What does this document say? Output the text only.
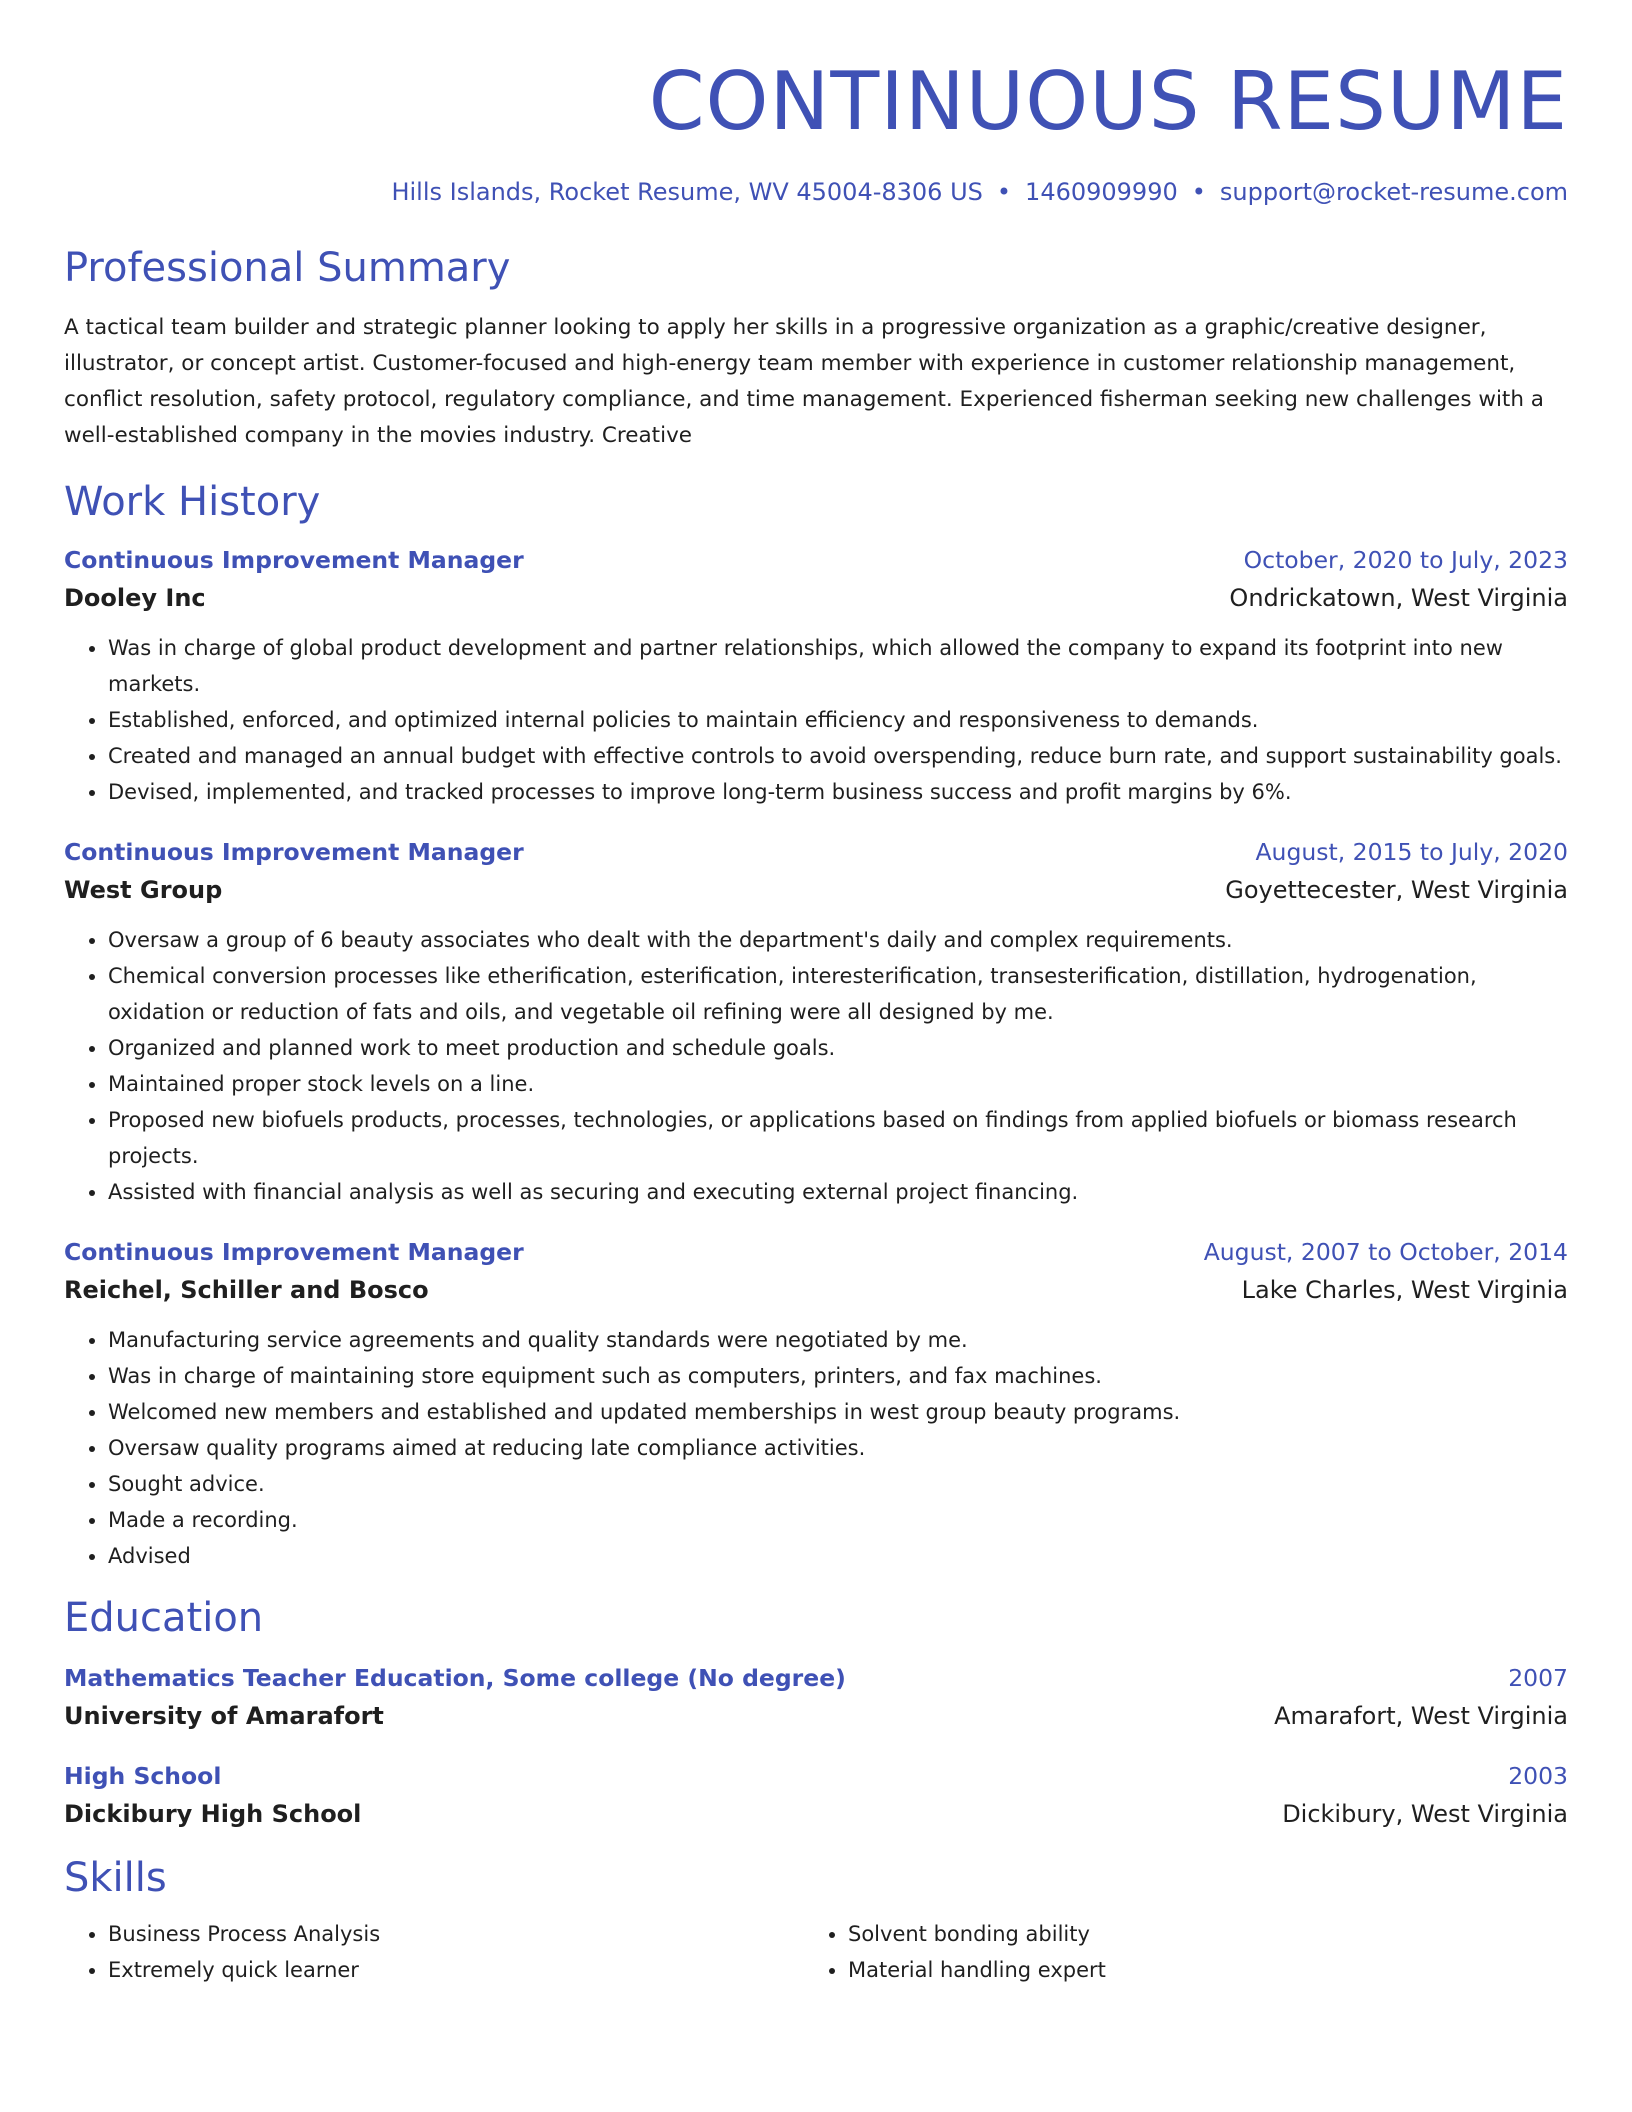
CONTINUOUS RESUME
Hills Islands, Rocket Resume, WV 45004-8306 US • 1460909990 • support@rocket-resume.com
Professional Summary
A tactical team builder and strategic planner looking to apply her skills in a progressive organization as a graphic/creative designer, illustrator, or concept artist. Customer-focused and high-energy team member with experience in customer relationship management, conflict resolution, safety protocol, regulatory compliance, and time management. Experienced fisherman seeking new challenges with a well-established company in the movies industry. Creative
Work History
Continuous Improvement Manager	October, 2020 to July, 2023
Dooley Inc	Ondrickatown, West Virginia
• Was in charge of global product development and partner relationships, which allowed the company to expand its footprint into new markets.
• Established, enforced, and optimized internal policies to maintain efficiency and responsiveness to demands.
• Created and managed an annual budget with effective controls to avoid overspending, reduce burn rate, and support sustainability goals.
• Devised, implemented, and tracked processes to improve long-term business success and profit margins by 6%.
Continuous Improvement Manager	August, 2015 to July, 2020
West Group	Goyettecester, West Virginia
• Oversaw a group of 6 beauty associates who dealt with the department's daily and complex requirements.
• Chemical conversion processes like etherification, esterification, interesterification, transesterification, distillation, hydrogenation, oxidation or reduction of fats and oils, and vegetable oil refining were all designed by me.
• Organized and planned work to meet production and schedule goals.
• Maintained proper stock levels on a line.
• Proposed new biofuels products, processes, technologies, or applications based on findings from applied biofuels or biomass research projects.
• Assisted with financial analysis as well as securing and executing external project financing.
Continuous Improvement Manager	August, 2007 to October, 2014
Reichel, Schiller and Bosco	Lake Charles, West Virginia
• Manufacturing service agreements and quality standards were negotiated by me.
• Was in charge of maintaining store equipment such as computers, printers, and fax machines.
• Welcomed new members and established and updated memberships in west group beauty programs.
• Oversaw quality programs aimed at reducing late compliance activities.
• Sought advice.
• Made a recording.
• Advised
Education
Mathematics Teacher Education, Some college (No degree)	2007
University of Amarafort	Amarafort, West Virginia
High School	2003
Dickibury High School	Dickibury, West Virginia
Skills
• Business Process Analysis
• Extremely quick learner
• Solvent bonding ability
• Material handling expert
